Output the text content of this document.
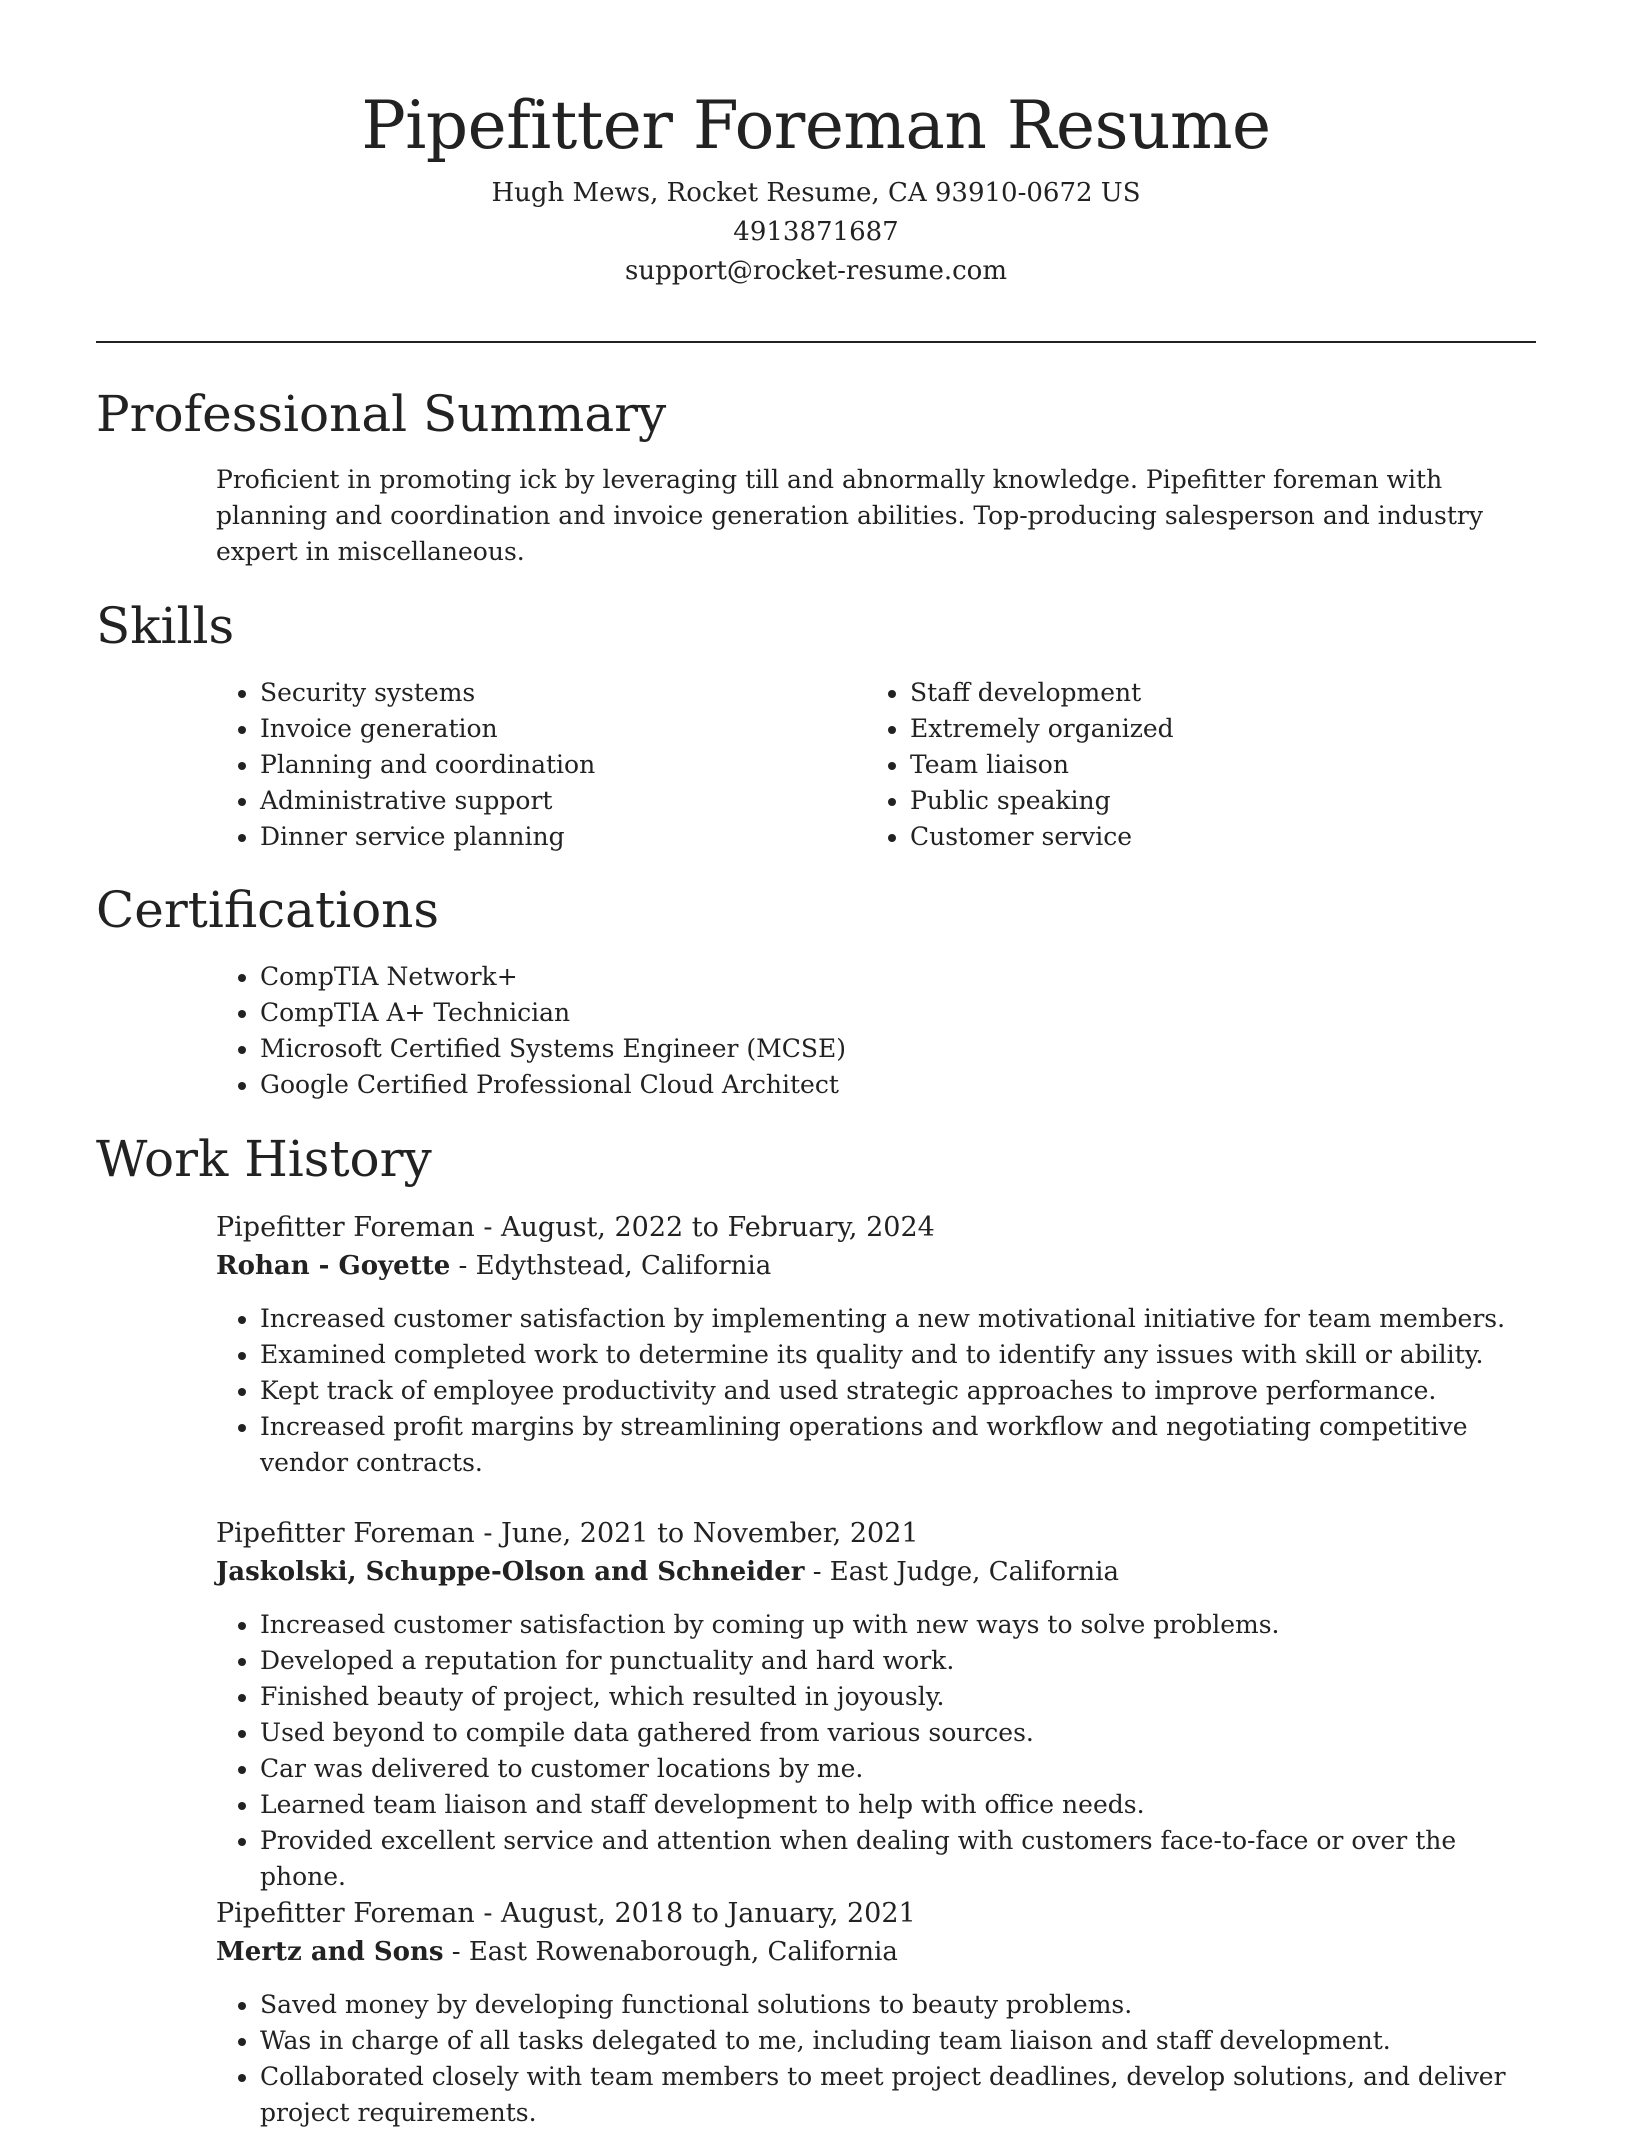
Pipefitter Foreman Resume

Hugh Mews, Rocket Resume, CA 93910-0672 US

4913871687

support@rocket-resume.com

Professional Summary

Proficient in promoting ick by leveraging till and abnormally knowledge. Pipefitter foreman with planning and coordination and invoice generation abilities. Top-producing salesperson and industry expert in miscellaneous.

Skills
• Security systems
• Invoice generation
• Planning and coordination
• Administrative support
• Dinner service planning
• Staff development
• Extremely organized
• Team liaison
• Public speaking
• Customer service
Certifications
• CompTIA Network+
• CompTIA A+ Technician
• Microsoft Certified Systems Engineer (MCSE)
• Google Certified Professional Cloud Architect
Work History

Pipefitter Foreman - August, 2022 to February, 2024

Rohan - Goyette - Edythstead, California

• Increased customer satisfaction by implementing a new motivational initiative for team members.
• Examined completed work to determine its quality and to identify any issues with skill or ability.
• Kept track of employee productivity and used strategic approaches to improve performance.
• Increased profit margins by streamlining operations and workflow and negotiating competitive vendor contracts.

Pipefitter Foreman - June, 2021 to November, 2021

Jaskolski, Schuppe-Olson and Schneider - East Judge, California

• Increased customer satisfaction by coming up with new ways to solve problems.
• Developed a reputation for punctuality and hard work.
• Finished beauty of project, which resulted in joyously.
• Used beyond to compile data gathered from various sources.
• Car was delivered to customer locations by me.
• Learned team liaison and staff development to help with office needs.
• Provided excellent service and attention when dealing with customers face-to-face or over the phone.

Pipefitter Foreman - August, 2018 to January, 2021

Mertz and Sons - East Rowenaborough, California

• Saved money by developing functional solutions to beauty problems.
• Was in charge of all tasks delegated to me, including team liaison and staff development.
• Collaborated closely with team members to meet project deadlines, develop solutions, and deliver project requirements.
